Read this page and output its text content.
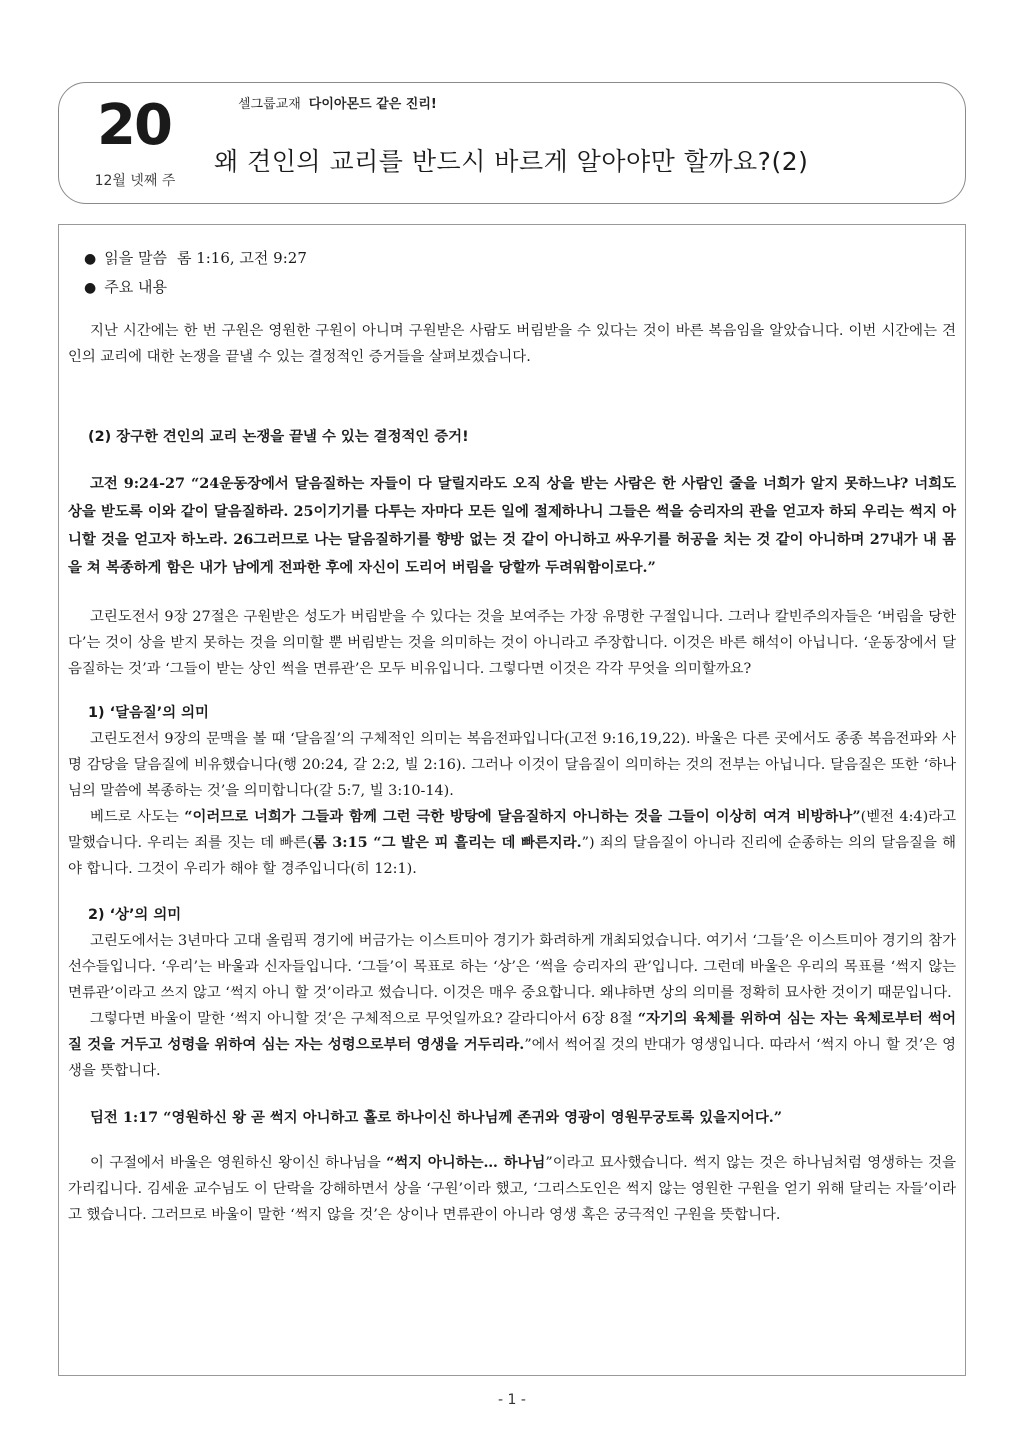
20
12월 넷째 주
셀그룹교재 다이아몬드 같은 진리!
왜 견인의 교리를 반드시 바르게 알아야만 할까요?(2)
● 읽을 말씀 롬 1:16, 고전 9:27
● 주요 내용

지난 시간에는 한 번 구원은 영원한 구원이 아니며 구원받은 사람도 버림받을 수 있다는 것이 바른 복음임을 알았습니다. 이번 시간에는 견인의 교리에 대한 논쟁을 끝낼 수 있는 결정적인 증거들을 살펴보겠습니다.

(2) 장구한 견인의 교리 논쟁을 끝낼 수 있는 결정적인 증거!

고전 9:24-27 “24운동장에서 달음질하는 자들이 다 달릴지라도 오직 상을 받는 사람은 한 사람인 줄을 너희가 알지 못하느냐? 너희도 상을 받도록 이와 같이 달음질하라. 25이기기를 다투는 자마다 모든 일에 절제하나니 그들은 썩을 승리자의 관을 얻고자 하되 우리는 썩지 아니할 것을 얻고자 하노라. 26그러므로 나는 달음질하기를 향방 없는 것 같이 아니하고 싸우기를 허공을 치는 것 같이 아니하며 27내가 내 몸을 쳐 복종하게 함은 내가 남에게 전파한 후에 자신이 도리어 버림을 당할까 두려워함이로다.”

고린도전서 9장 27절은 구원받은 성도가 버림받을 수 있다는 것을 보여주는 가장 유명한 구절입니다. 그러나 칼빈주의자들은 ‘버림을 당한다’는 것이 상을 받지 못하는 것을 의미할 뿐 버림받는 것을 의미하는 것이 아니라고 주장합니다. 이것은 바른 해석이 아닙니다. ‘운동장에서 달음질하는 것’과 ‘그들이 받는 상인 썩을 면류관’은 모두 비유입니다. 그렇다면 이것은 각각 무엇을 의미할까요?

1) ‘달음질’의 의미

고린도전서 9장의 문맥을 볼 때 ‘달음질’의 구체적인 의미는 복음전파입니다(고전 9:16,19,22). 바울은 다른 곳에서도 종종 복음전파와 사명 감당을 달음질에 비유했습니다(행 20:24, 갈 2:2, 빌 2:16). 그러나 이것이 달음질이 의미하는 것의 전부는 아닙니다. 달음질은 또한 ‘하나님의 말씀에 복종하는 것’을 의미합니다(갈 5:7, 빌 3:10-14).

베드로 사도는 “이러므로 너희가 그들과 함께 그런 극한 방탕에 달음질하지 아니하는 것을 그들이 이상히 여겨 비방하나”(벧전 4:4)라고 말했습니다. 우리는 죄를 짓는 데 빠른(롬 3:15 “그 발은 피 흘리는 데 빠른지라.”) 죄의 달음질이 아니라 진리에 순종하는 의의 달음질을 해야 합니다. 그것이 우리가 해야 할 경주입니다(히 12:1).

2) ‘상’의 의미

고린도에서는 3년마다 고대 올림픽 경기에 버금가는 이스트미아 경기가 화려하게 개최되었습니다. 여기서 ‘그들’은 이스트미아 경기의 참가선수들입니다. ‘우리’는 바울과 신자들입니다. ‘그들’이 목표로 하는 ‘상’은 ‘썩을 승리자의 관’입니다. 그런데 바울은 우리의 목표를 ‘썩지 않는 면류관’이라고 쓰지 않고 ‘썩지 아니 할 것’이라고 썼습니다. 이것은 매우 중요합니다. 왜냐하면 상의 의미를 정확히 묘사한 것이기 때문입니다.

그렇다면 바울이 말한 ‘썩지 아니할 것’은 구체적으로 무엇일까요? 갈라디아서 6장 8절 “자기의 육체를 위하여 심는 자는 육체로부터 썩어질 것을 거두고 성령을 위하여 심는 자는 성령으로부터 영생을 거두리라.”에서 썩어질 것의 반대가 영생입니다. 따라서 ‘썩지 아니 할 것’은 영생을 뜻합니다.

딤전 1:17 “영원하신 왕 곧 썩지 아니하고 홀로 하나이신 하나님께 존귀와 영광이 영원무궁토록 있을지어다.”

이 구절에서 바울은 영원하신 왕이신 하나님을 “썩지 아니하는… 하나님”이라고 묘사했습니다. 썩지 않는 것은 하나님처럼 영생하는 것을 가리킵니다. 김세윤 교수님도 이 단락을 강해하면서 상을 ‘구원’이라 했고, ‘그리스도인은 썩지 않는 영원한 구원을 얻기 위해 달리는 자들’이라고 했습니다. 그러므로 바울이 말한 ‘썩지 않을 것’은 상이나 면류관이 아니라 영생 혹은 궁극적인 구원을 뜻합니다.

- 1 -
